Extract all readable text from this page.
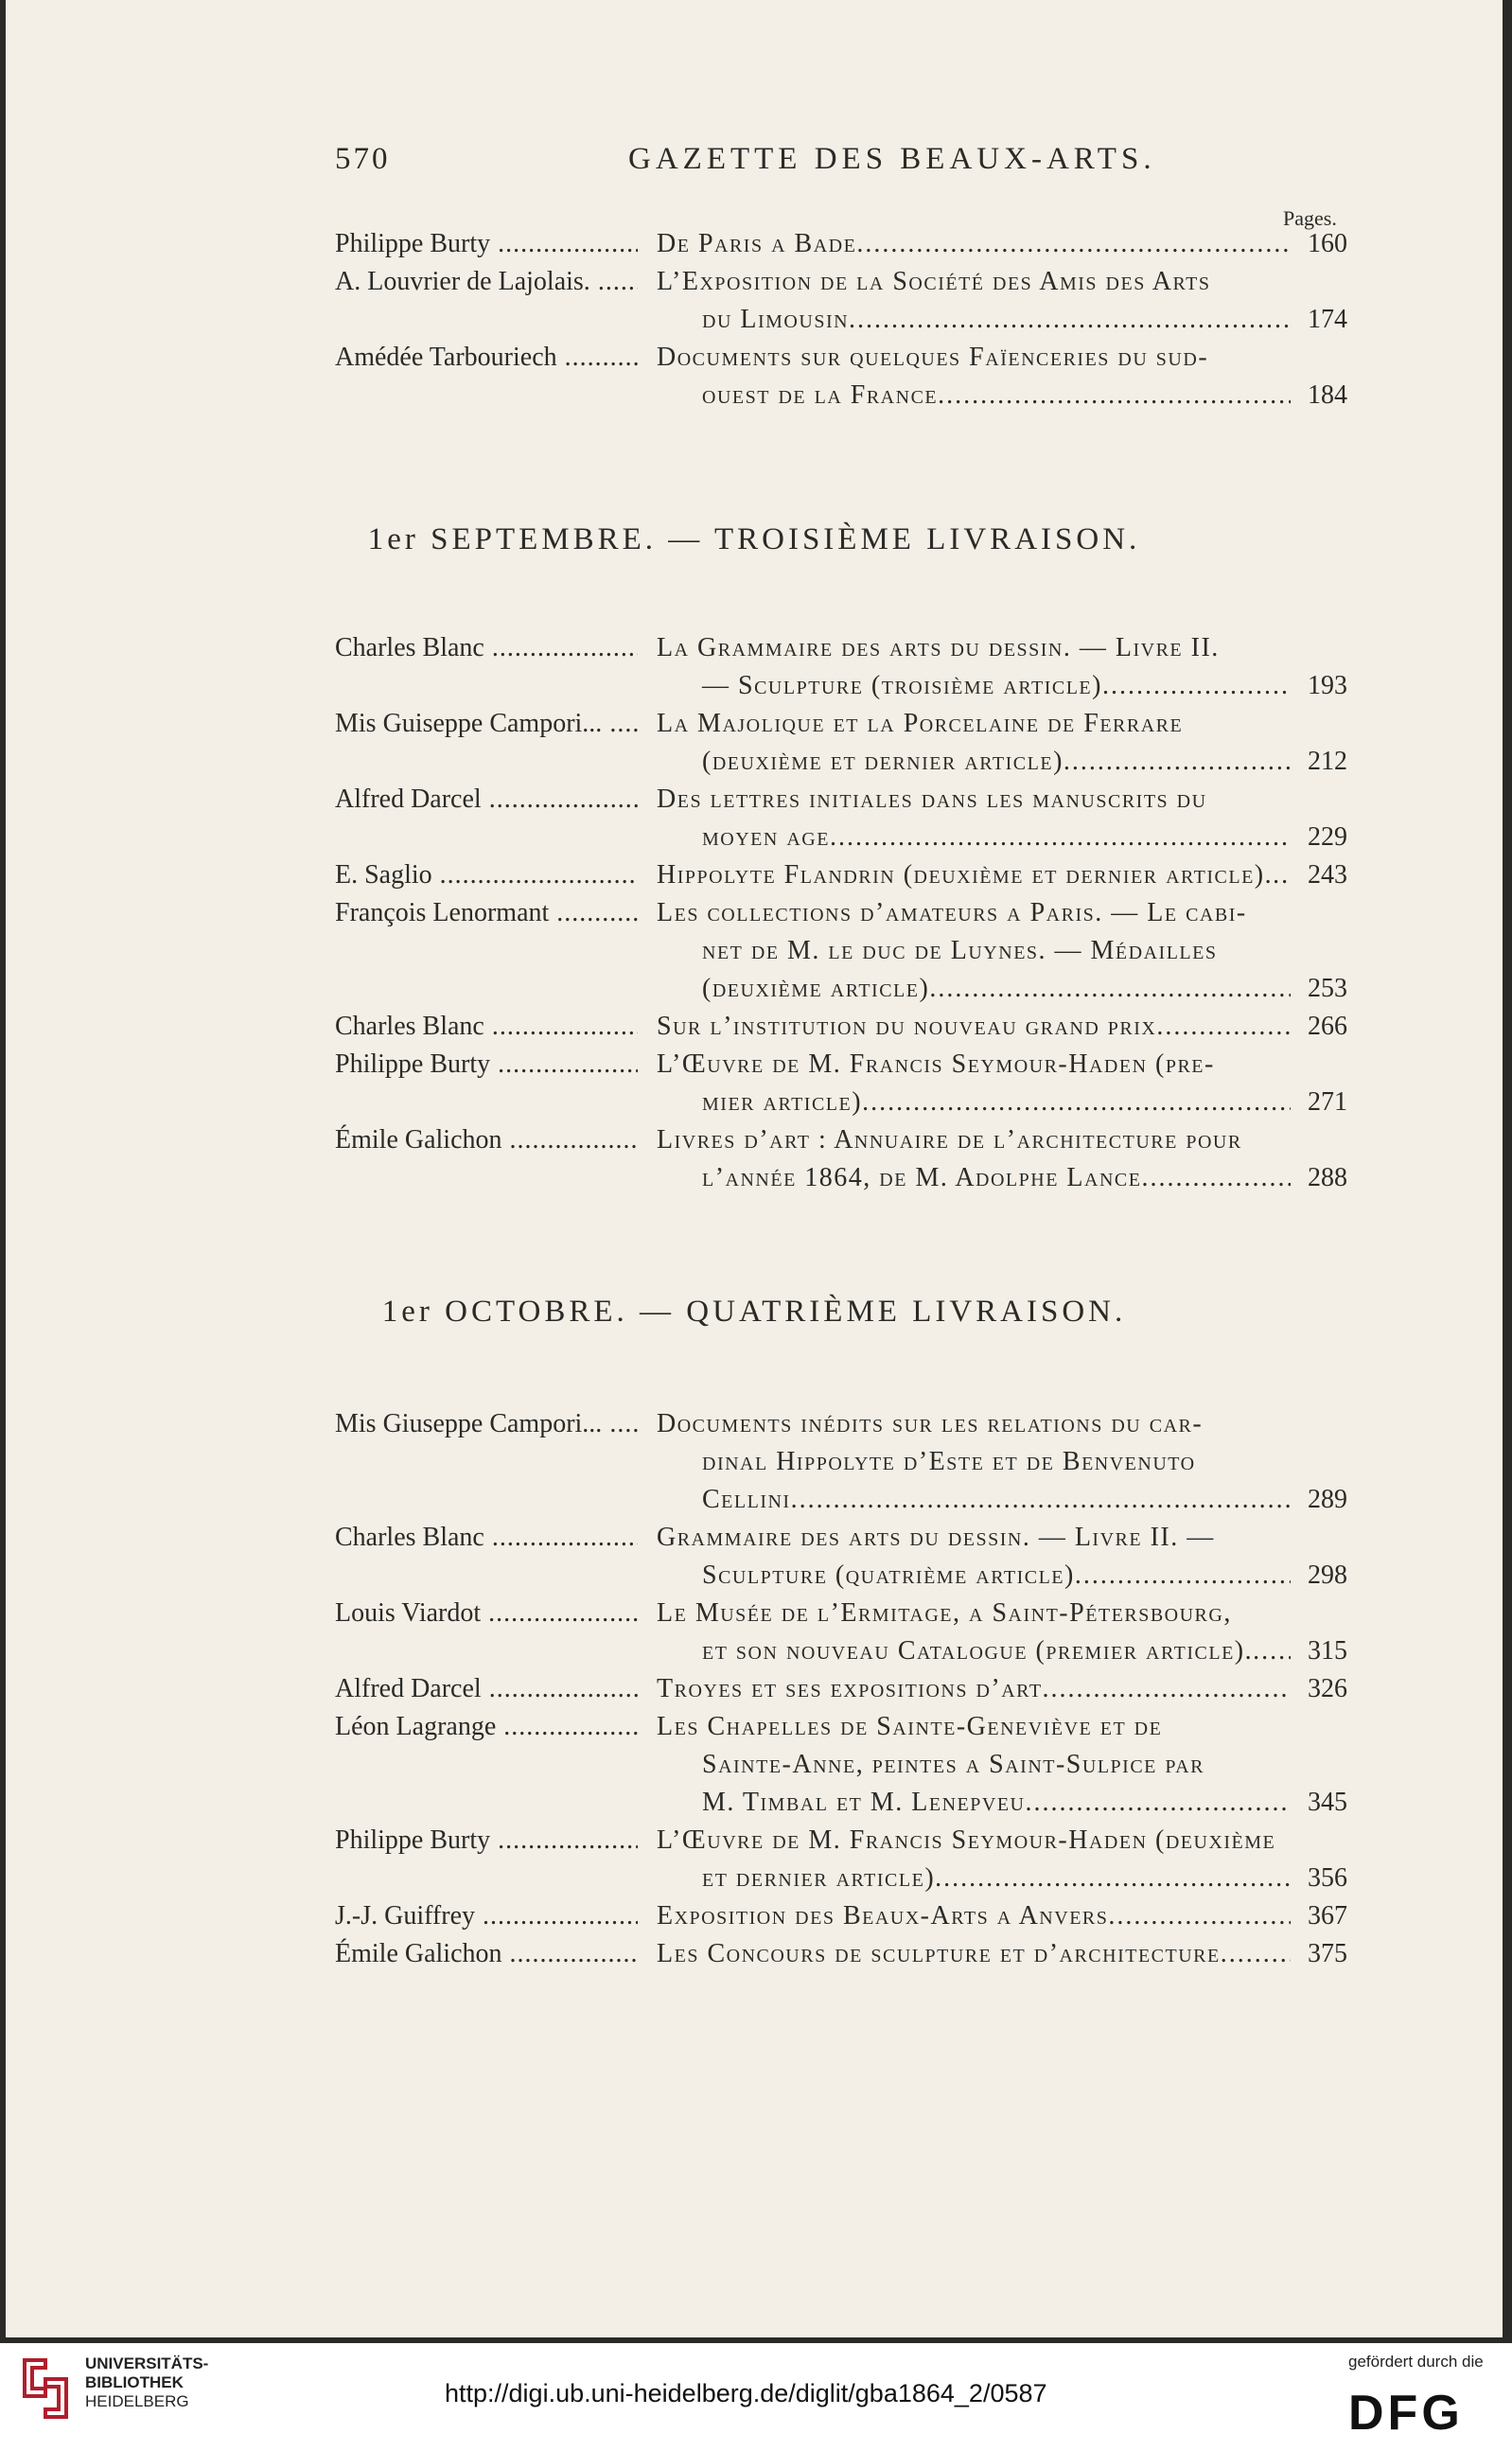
570	GAZETTE DES BEAUX-ARTS.
Pages.
Philippe Burty .....	De Paris a Bade .....	160
A. Louvrier de Lajolais. .....	L’Exposition de la Société des Amis des Arts
du Limousin .....	174
Amédée Tarbouriech .....	Documents sur quelques Faïenceries du sud-
ouest de la France .....	184
1er SEPTEMBRE. — TROISIÈME LIVRAISON.
Charles Blanc .....	La Grammaire des arts du dessin. — Livre II.
— Sculpture (troisième article) .....	193
Mis Guiseppe Campori... .....	La Majolique et la Porcelaine de Ferrare
(deuxième et dernier article) .....	212
Alfred Darcel .....	Des lettres initiales dans les manuscrits du
moyen age .....	229
E. Saglio .....	Hippolyte Flandrin (deuxième et dernier article). .....	243
François Lenormant .....	Les collections d’amateurs a Paris. — Le cabi-
net de M. le duc de Luynes. — Médailles
(deuxième article) .....	253
Charles Blanc .....	Sur l’institution du nouveau grand prix .....	266
Philippe Burty .....	L’Œuvre de M. Francis Seymour-Haden (pre-
mier article) .....	271
Émile Galichon .....	Livres d’art : Annuaire de l’architecture pour
l’année 1864, de M. Adolphe Lance .....	288
1er OCTOBRE. — QUATRIÈME LIVRAISON.
Mis Giuseppe Campori... .....	Documents inédits sur les relations du car-
dinal Hippolyte d’Este et de Benvenuto
Cellini .....	289
Charles Blanc .....	Grammaire des arts du dessin. — Livre II. —
Sculpture (quatrième article) .....	298
Louis Viardot .....	Le Musée de l’Ermitage, a Saint-Pétersbourg,
et son nouveau Catalogue (premier article). .....	315
Alfred Darcel .....	Troyes et ses expositions d’art .....	326
Léon Lagrange .....	Les Chapelles de Sainte-Geneviève et de
Sainte-Anne, peintes a Saint-Sulpice par
M. Timbal et M. Lenepveu .....	345
Philippe Burty .....	L’Œuvre de M. Francis Seymour-Haden (deuxième
et dernier article) .....	356
J.-J. Guiffrey .....	Exposition des Beaux-Arts a Anvers .....	367
Émile Galichon .....	Les Concours de sculpture et d’architecture .....	375
UNIVERSITÄTS-
BIBLIOTHEK
HEIDELBERG	http://digi.ub.uni-heidelberg.de/diglit/gba1864_2/0587
gefördert durch die
DFG
